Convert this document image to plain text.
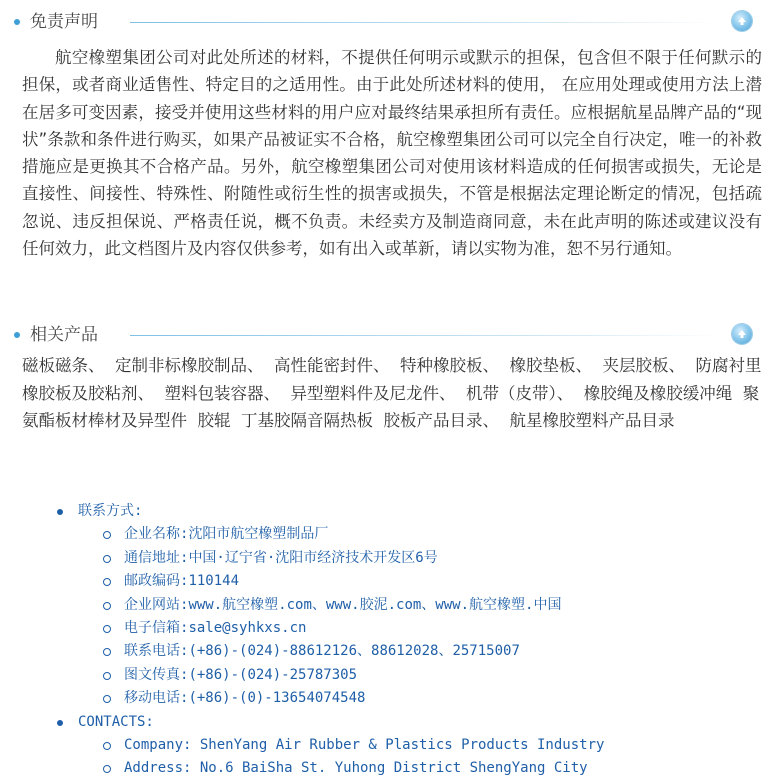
免责声明

航空橡塑集团公司对此处所述的材料，不提供任何明示或默示的担保，包含但不限于任何默示的担保，或者商业适售性、特定目的之适用性。由于此处所述材料的使用， 在应用处理或使用方法上潜在居多可变因素，接受并使用这些材料的用户应对最终结果承担所有责任。应根据航星品牌产品的“现状”条款和条件进行购买，如果产品被证实不合格，航空橡塑集团公司可以完全自行决定，唯一的补救措施应是更换其不合格产品。另外，航空橡塑集团公司对使用该材料造成的任何损害或损失，无论是直接性、间接性、特殊性、附随性或衍生性的损害或损失，不管是根据法定理论断定的情况，包括疏忽说、违反担保说、严格责任说，概不负责。未经卖方及制造商同意，未在此声明的陈述或建议没有任何效力，此文档图片及内容仅供参考，如有出入或革新，请以实物为准，恕不另行通知。

相关产品
磁板磁条、  定制非标橡胶制品、  高性能密封件、  特种橡胶板、  橡胶垫板、  夹层胶板、  防腐衬里橡胶板及胶粘剂、  塑料包装容器、  异型塑料件及尼龙件、  机带（皮带）、  橡胶绳及橡胶缓冲绳 聚氨酯板材棒材及异型件 胶辊 丁基胶隔音隔热板 胶板产品目录、  航星橡胶塑料产品目录
联系方式:
企业名称:沈阳市航空橡塑制品厂
通信地址:中国·辽宁省·沈阳市经济技术开发区6号
邮政编码:110144
企业网站:www.航空橡塑.com、www.胶泥.com、www.航空橡塑.中国
电子信箱:sale@syhkxs.cn
联系电话:(+86)-(024)-88612126、88612028、25715007
图文传真:(+86)-(024)-25787305
移动电话:(+86)-(0)-13654074548
CONTACTS:
Company: ShenYang Air Rubber & Plastics Products Industry
Address: No.6 BaiSha St. Yuhong District ShengYang City
